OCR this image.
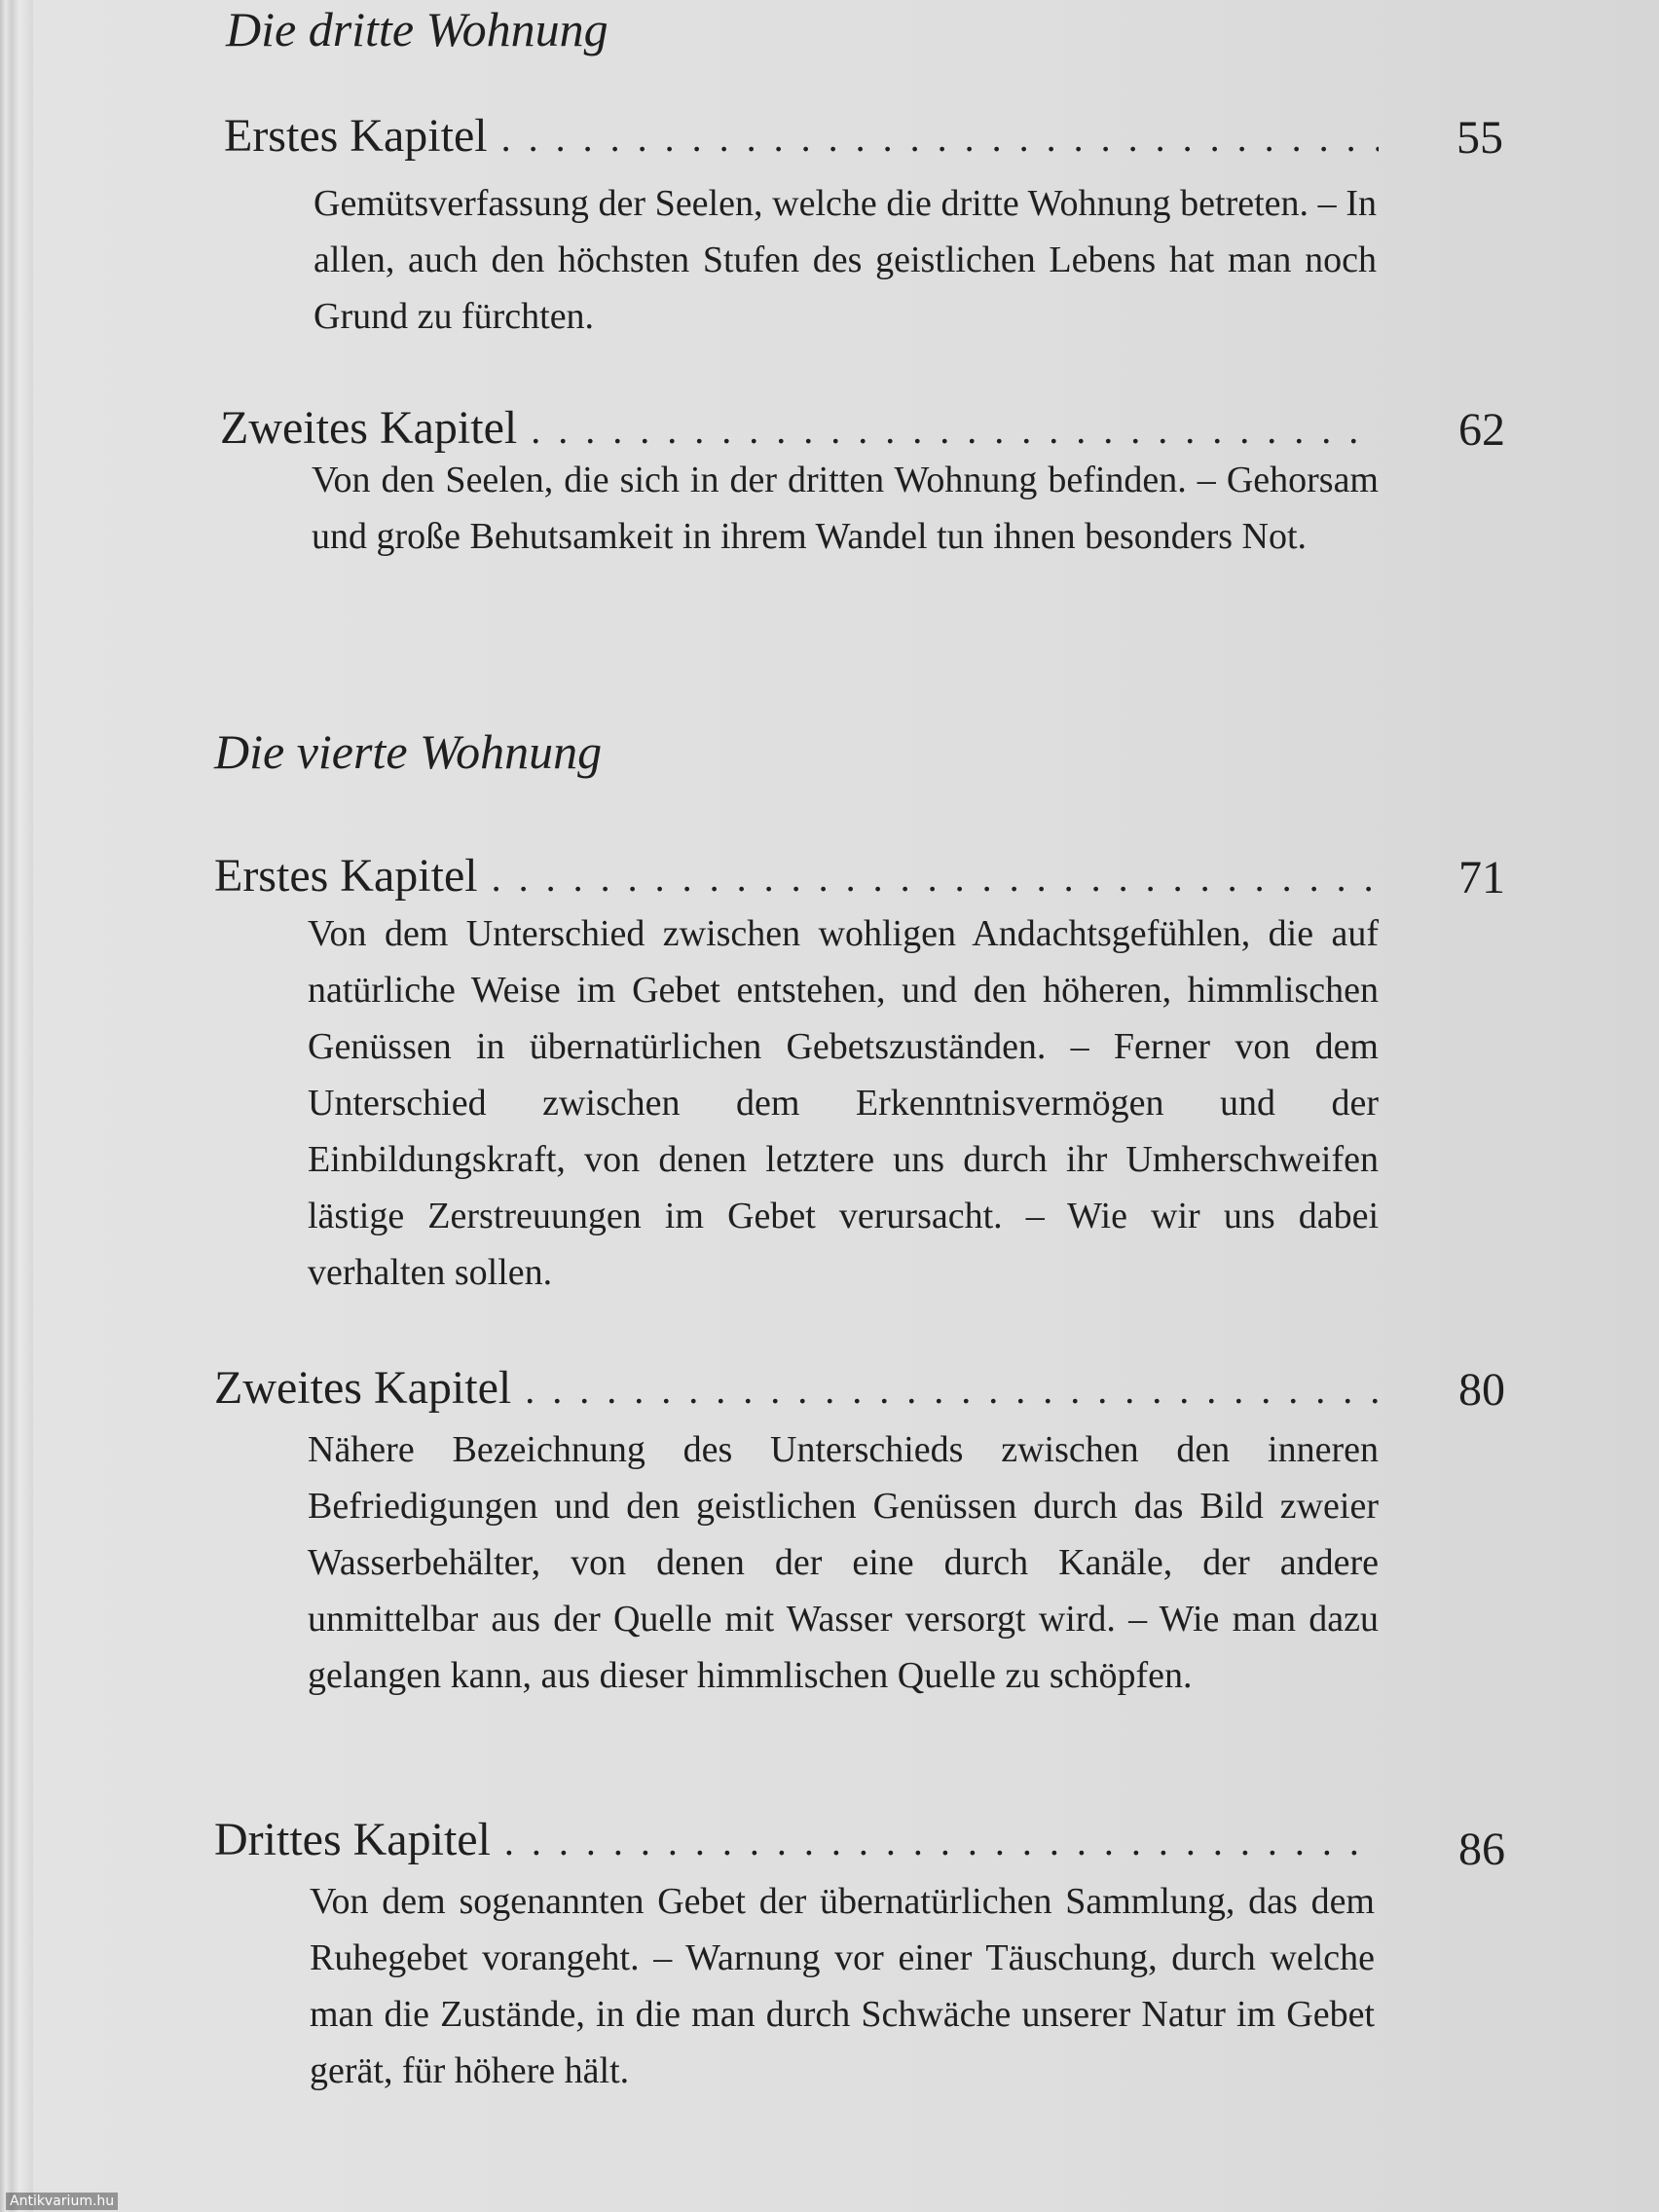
Die dritte Wohnung
Erstes Kapitel . . .	55

Gemütsverfassung der Seelen, welche die dritte Wohnung betreten. – In allen, auch den höchsten Stufen des geistlichen Lebens hat man noch Grund zu fürchten.

Zweites Kapitel . . .	62

Von den Seelen, die sich in der dritten Wohnung befinden. – Gehorsam und große Behutsamkeit in ihrem Wandel tun ihnen besonders Not.

Die vierte Wohnung
Erstes Kapitel . . .	71

Von dem Unterschied zwischen wohligen Andachtsgefühlen, die auf natürliche Weise im Gebet entstehen, und den höheren, himmlischen Genüssen in übernatürlichen Gebetszuständen. – Ferner von dem Unterschied zwischen dem Erkenntnisvermögen und der Einbildungskraft, von denen letztere uns durch ihr Umherschweifen lästige Zerstreuungen im Gebet verursacht. – Wie wir uns dabei verhalten sollen.

Zweites Kapitel . . .	80

Nähere Bezeichnung des Unterschieds zwischen den inneren Befriedigungen und den geistlichen Genüssen durch das Bild zweier Wasserbehälter, von denen der eine durch Kanäle, der andere unmittelbar aus der Quelle mit Wasser versorgt wird. – Wie man dazu gelangen kann, aus dieser himmlischen Quelle zu schöpfen.

Drittes Kapitel . . .	86

Von dem sogenannten Gebet der übernatürlichen Sammlung, das dem Ruhegebet vorangeht. – Warnung vor einer Täuschung, durch welche man die Zustände, in die man durch Schwäche unserer Natur im Gebet gerät, für höhere hält.

Antikvarium.hu
